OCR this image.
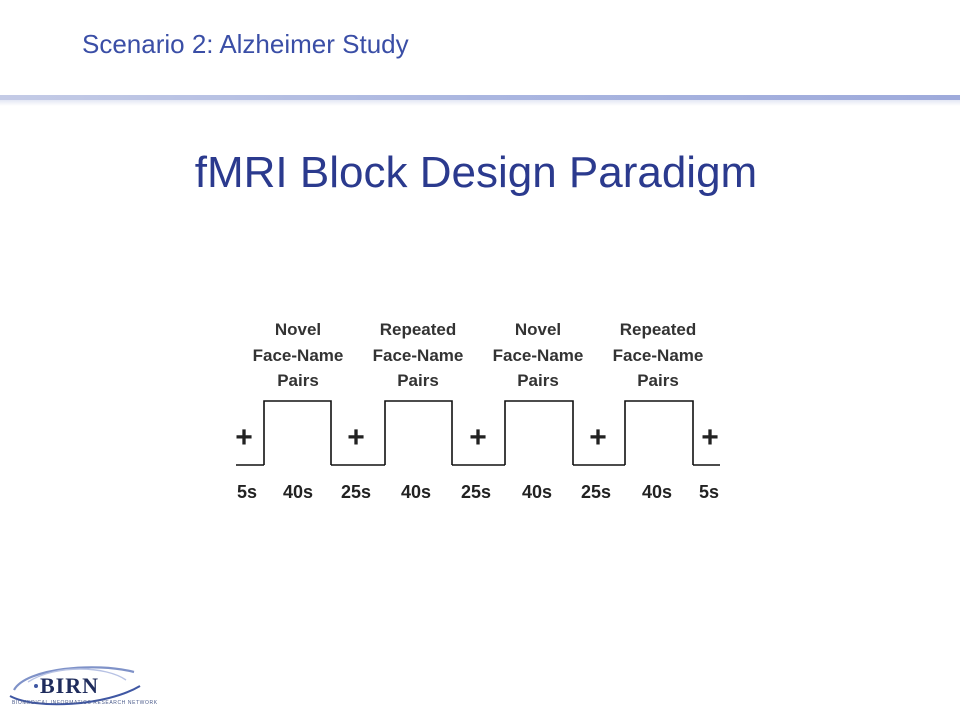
Scenario 2: Alzheimer Study
fMRI Block Design Paradigm
Novel
Face-Name
Pairs
Repeated
Face-Name
Pairs
Novel
Face-Name
Pairs
Repeated
Face-Name
Pairs
+	+	+	+	+
5s	40s	25s	40s	25s	40s	25s	40s	5s
BIRN
BIOMEDICAL INFORMATICS RESEARCH NETWORK
